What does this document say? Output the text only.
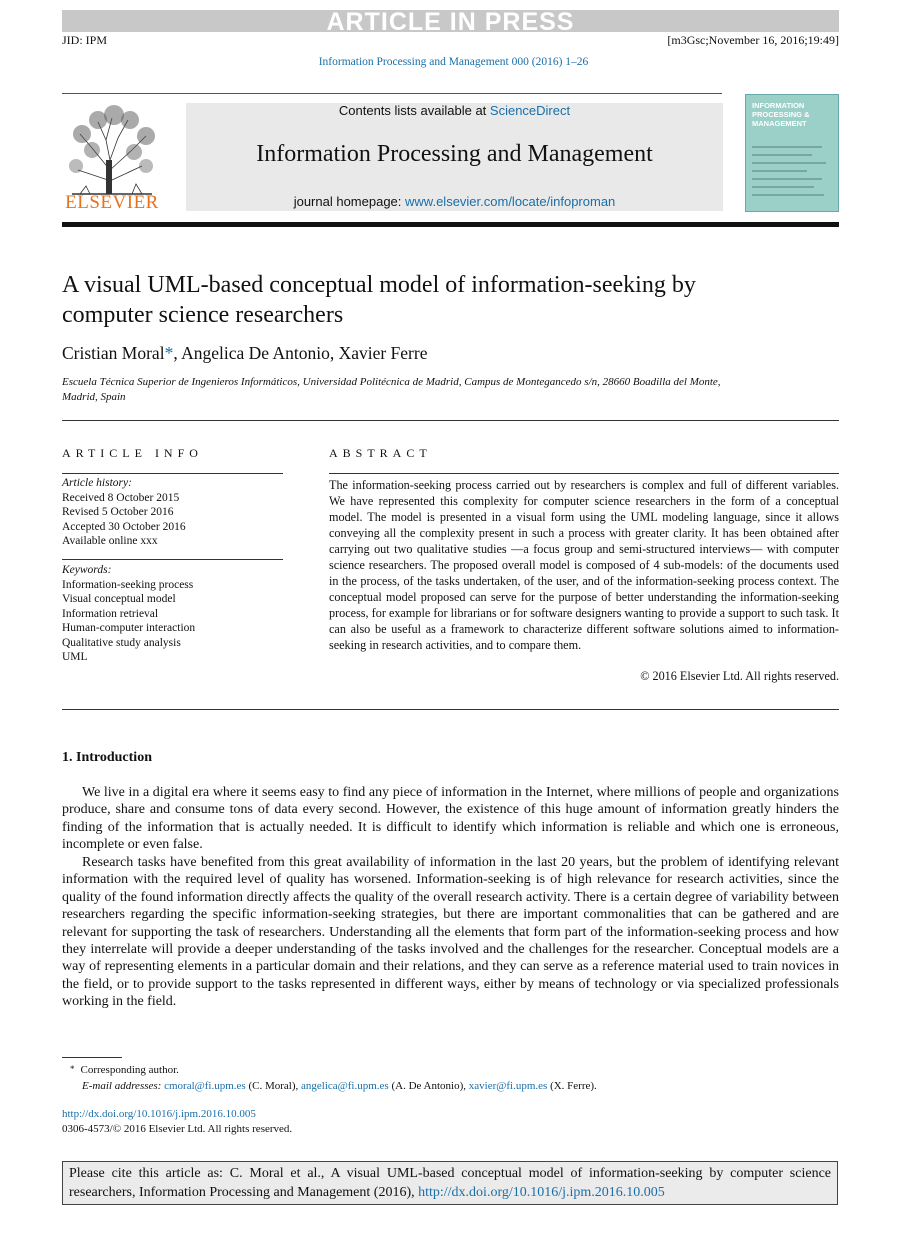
ARTICLE IN PRESS
JID: IPM	[m3Gsc;November 16, 2016;19:49]
Information Processing and Management 000 (2016) 1–26
ELSEVIER
Contents lists available at ScienceDirect
Information Processing and Management
journal homepage: www.elsevier.com/locate/infoproman
INFORMATION PROCESSING & MANAGEMENT
A visual UML-based conceptual model of information-seeking by computer science researchers
Cristian Moral*, Angelica De Antonio, Xavier Ferre
Escuela Técnica Superior de Ingenieros Informáticos, Universidad Politécnica de Madrid, Campus de Montegancedo s/n, 28660 Boadilla del Monte, Madrid, Spain
ARTICLE INFO	ABSTRACT
Article history:
Received 8 October 2015
Revised 5 October 2016
Accepted 30 October 2016
Available online xxx
Keywords:
Information-seeking process
Visual conceptual model
Information retrieval
Human-computer interaction
Qualitative study analysis
UML
The information-seeking process carried out by researchers is complex and full of different variables. We have represented this complexity for computer science researchers in the form of a conceptual model. The model is presented in a visual form using the UML modeling language, since it allows conveying all the complexity present in such a process with greater clarity. It has been obtained after carrying out two qualitative studies —a focus group and semi-structured interviews— with computer science researchers. The proposed overall model is composed of 4 sub-models: of the documents used in the process, of the tasks undertaken, of the user, and of the information-seeking process context. The conceptual model proposed can serve for the purpose of better understanding the information-seeking process, for example for librarians or for software designers wanting to provide a support to such task. It can also be useful as a framework to characterize different software solutions aimed to information-seeking in research activities, and to compare them.
© 2016 Elsevier Ltd. All rights reserved.
1. Introduction
We live in a digital era where it seems easy to find any piece of information in the Internet, where millions of people and organizations produce, share and consume tons of data every second. However, the existence of this huge amount of information greatly hinders the finding of the information that is actually needed. It is difficult to identify which information is reliable and which one is erroneous, incomplete or even false.
Research tasks have benefited from this great availability of information in the last 20 years, but the problem of identifying relevant information with the required level of quality has worsened. Information-seeking is of high relevance for research activities, since the quality of the found information directly affects the quality of the overall research activity. There is a certain degree of variability between researchers regarding the specific information-seeking strategies, but there are important commonalities that can be gathered and are relevant for supporting the task of researchers. Understanding all the elements that form part of the information-seeking process and how they interrelate will provide a deeper understanding of the tasks involved and the challenges for the researcher. Conceptual models are a way of representing elements in a particular domain and their relations, and they can serve as a reference material used to train novices in the field, or to provide support to the tasks represented in different ways, either by means of technology or via specialized professionals working in the field.
* Corresponding author.
E-mail addresses: cmoral@fi.upm.es (C. Moral), angelica@fi.upm.es (A. De Antonio), xavier@fi.upm.es (X. Ferre).
http://dx.doi.org/10.1016/j.ipm.2016.10.005
0306-4573/© 2016 Elsevier Ltd. All rights reserved.
Please cite this article as: C. Moral et al., A visual UML-based conceptual model of information-seeking by computer science researchers, Information Processing and Management (2016), http://dx.doi.org/10.1016/j.ipm.2016.10.005
